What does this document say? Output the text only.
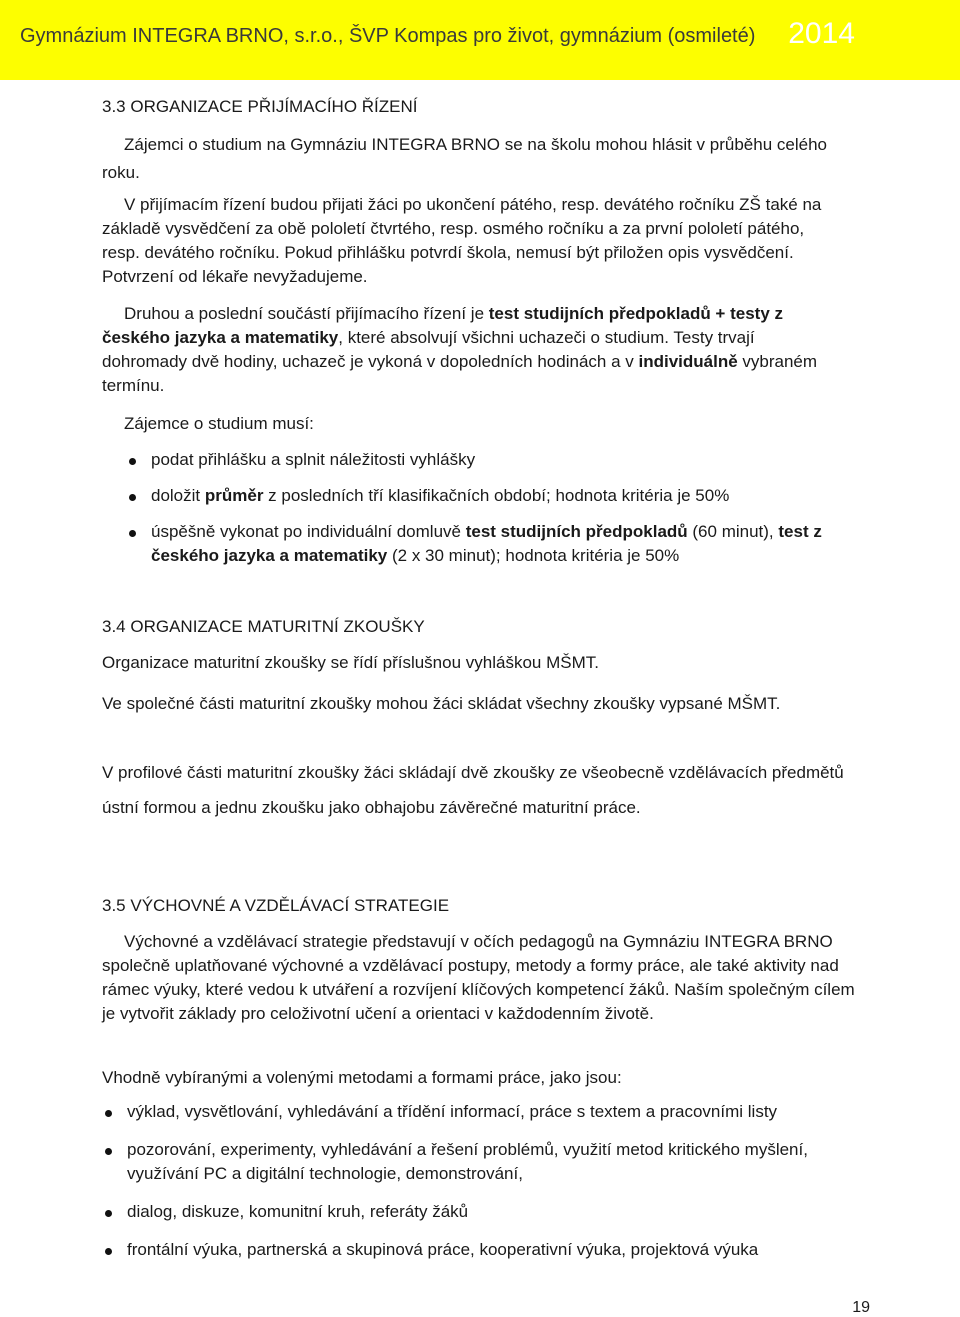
Gymnázium INTEGRA BRNO, s.r.o., ŠVP Kompas pro život, gymnázium (osmileté) 2014
3.3 ORGANIZACE PŘIJÍMACÍHO ŘÍZENÍ

Zájemci o studium na Gymnáziu INTEGRA BRNO se na školu mohou hlásit v průběhu celého roku.

V přijímacím řízení budou přijati žáci po ukončení pátého, resp. devátého ročníku ZŠ také na základě vysvědčení za obě pololetí čtvrtého, resp. osmého ročníku a za první pololetí pátého, resp. devátého ročníku. Pokud přihlášku potvrdí škola, nemusí být přiložen opis vysvědčení. Potvrzení od lékaře nevyžadujeme.

Druhou a poslední součástí přijímacího řízení je test studijních předpokladů + testy z českého jazyka a matematiky, které absolvují všichni uchazeči o studium. Testy trvají dohromady dvě hodiny, uchazeč je vykoná v dopoledních hodinách a v individuálně vybraném termínu.

Zájemce o studium musí:

podat přihlášku a splnit náležitosti vyhlášky
doložit průměr z posledních tří klasifikačních období; hodnota kritéria je 50%
úspěšně vykonat po individuální domluvě test studijních předpokladů (60 minut), test z českého jazyka a matematiky (2 x 30 minut); hodnota kritéria je 50%
3.4 ORGANIZACE MATURITNÍ ZKOUŠKY

Organizace maturitní zkoušky se řídí příslušnou vyhláškou MŠMT.

Ve společné části maturitní zkoušky mohou žáci skládat všechny zkoušky vypsané MŠMT.

V profilové části maturitní zkoušky žáci skládají dvě zkoušky ze všeobecně vzdělávacích předmětů ústní formou a jednu zkoušku jako obhajobu závěrečné maturitní práce.

3.5 VÝCHOVNÉ A VZDĚLÁVACÍ STRATEGIE

Výchovné a vzdělávací strategie představují v očích pedagogů na Gymnáziu INTEGRA BRNO společně uplatňované výchovné a vzdělávací postupy, metody a formy práce, ale také aktivity nad rámec výuky, které vedou k utváření a rozvíjení klíčových kompetencí žáků. Naším společným cílem je vytvořit základy pro celoživotní učení a orientaci v každodenním životě.

Vhodně vybíranými a volenými metodami a formami práce, jako jsou:

výklad, vysvětlování, vyhledávání a třídění informací, práce s textem a pracovními listy
pozorování, experimenty, vyhledávání a řešení problémů, využití metod kritického myšlení, využívání PC a digitální technologie, demonstrování,
dialog, diskuze, komunitní kruh, referáty žáků
frontální výuka, partnerská a skupinová práce, kooperativní výuka, projektová výuka
19
